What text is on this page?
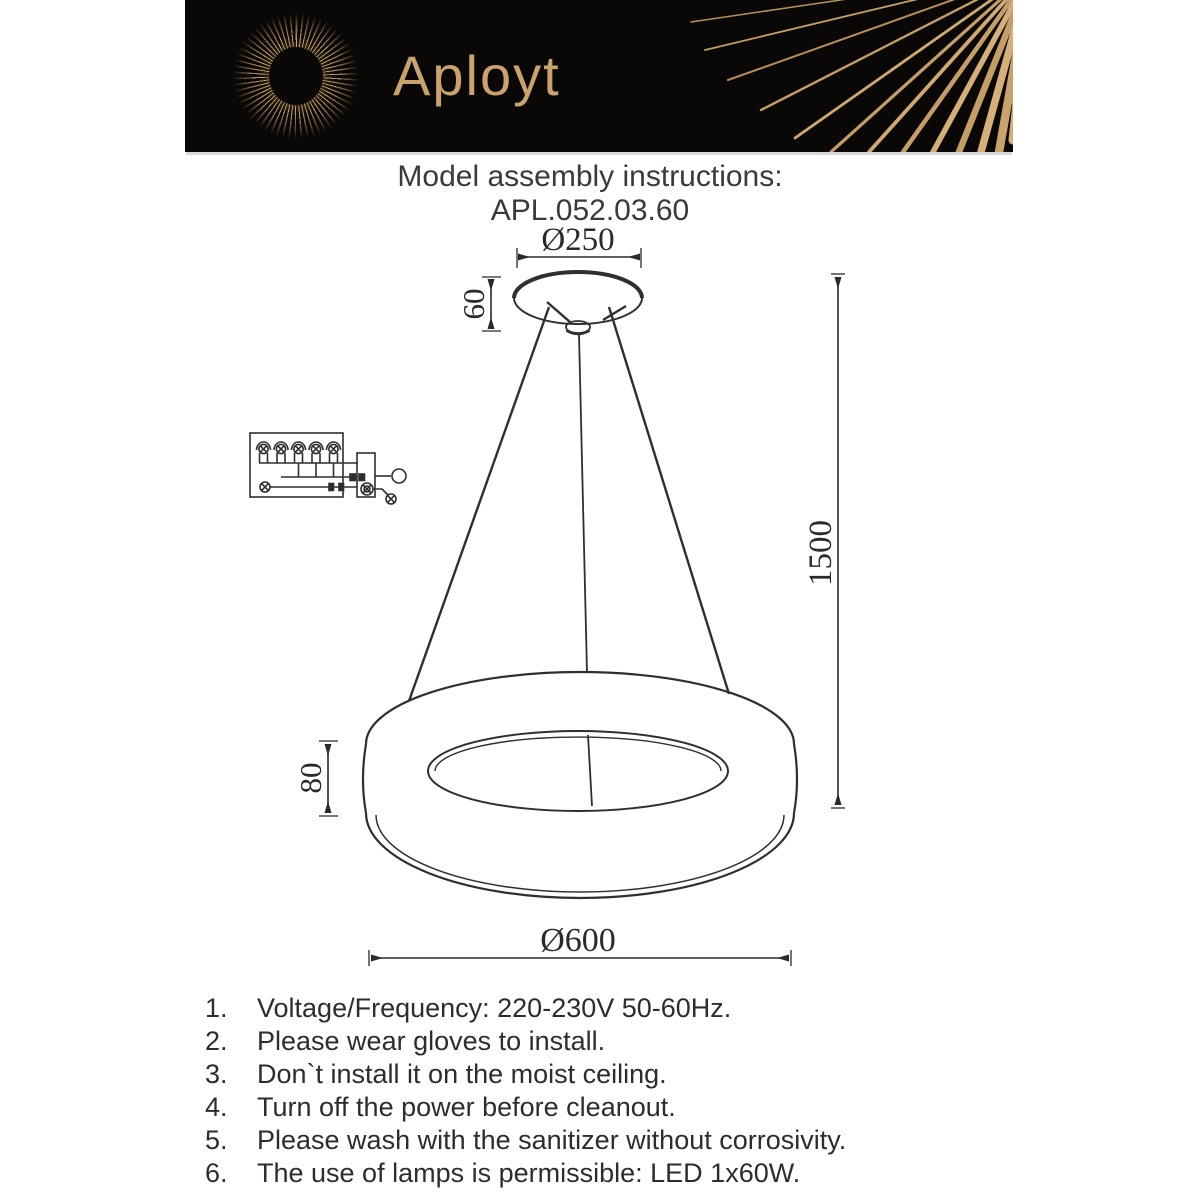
Aployt
Model assembly instructions:
APL.052.03.60
Ø250
60
1500
80
Ø600
1.	Voltage/Frequency: 220-230V 50-60Hz.
2.	Please wear gloves to install.
3.	Don`t install it on the moist ceiling.
4.	Turn off the power before cleanout.
5.	Please wash with the sanitizer without corrosivity.
6.	The use of lamps is permissible: LED 1x60W.
